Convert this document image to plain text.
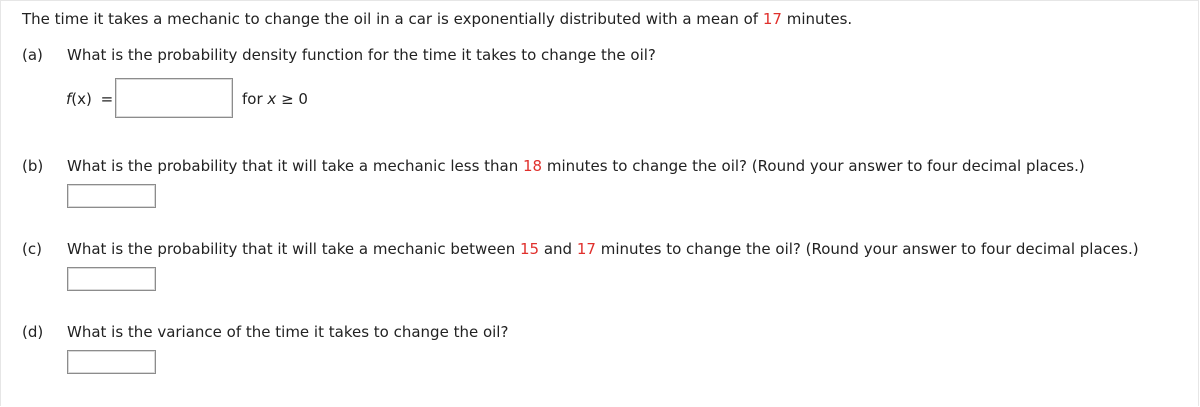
The time it takes a mechanic to change the oil in a car is exponentially distributed with a mean of 17 minutes.
(a) What is the probability density function for the time it takes to change the oil?
f(x) =	for x ≥ 0
(b) What is the probability that it will take a mechanic less than 18 minutes to change the oil? (Round your answer to four decimal places.)
(c) What is the probability that it will take a mechanic between 15 and 17 minutes to change the oil? (Round your answer to four decimal places.)
(d) What is the variance of the time it takes to change the oil?
